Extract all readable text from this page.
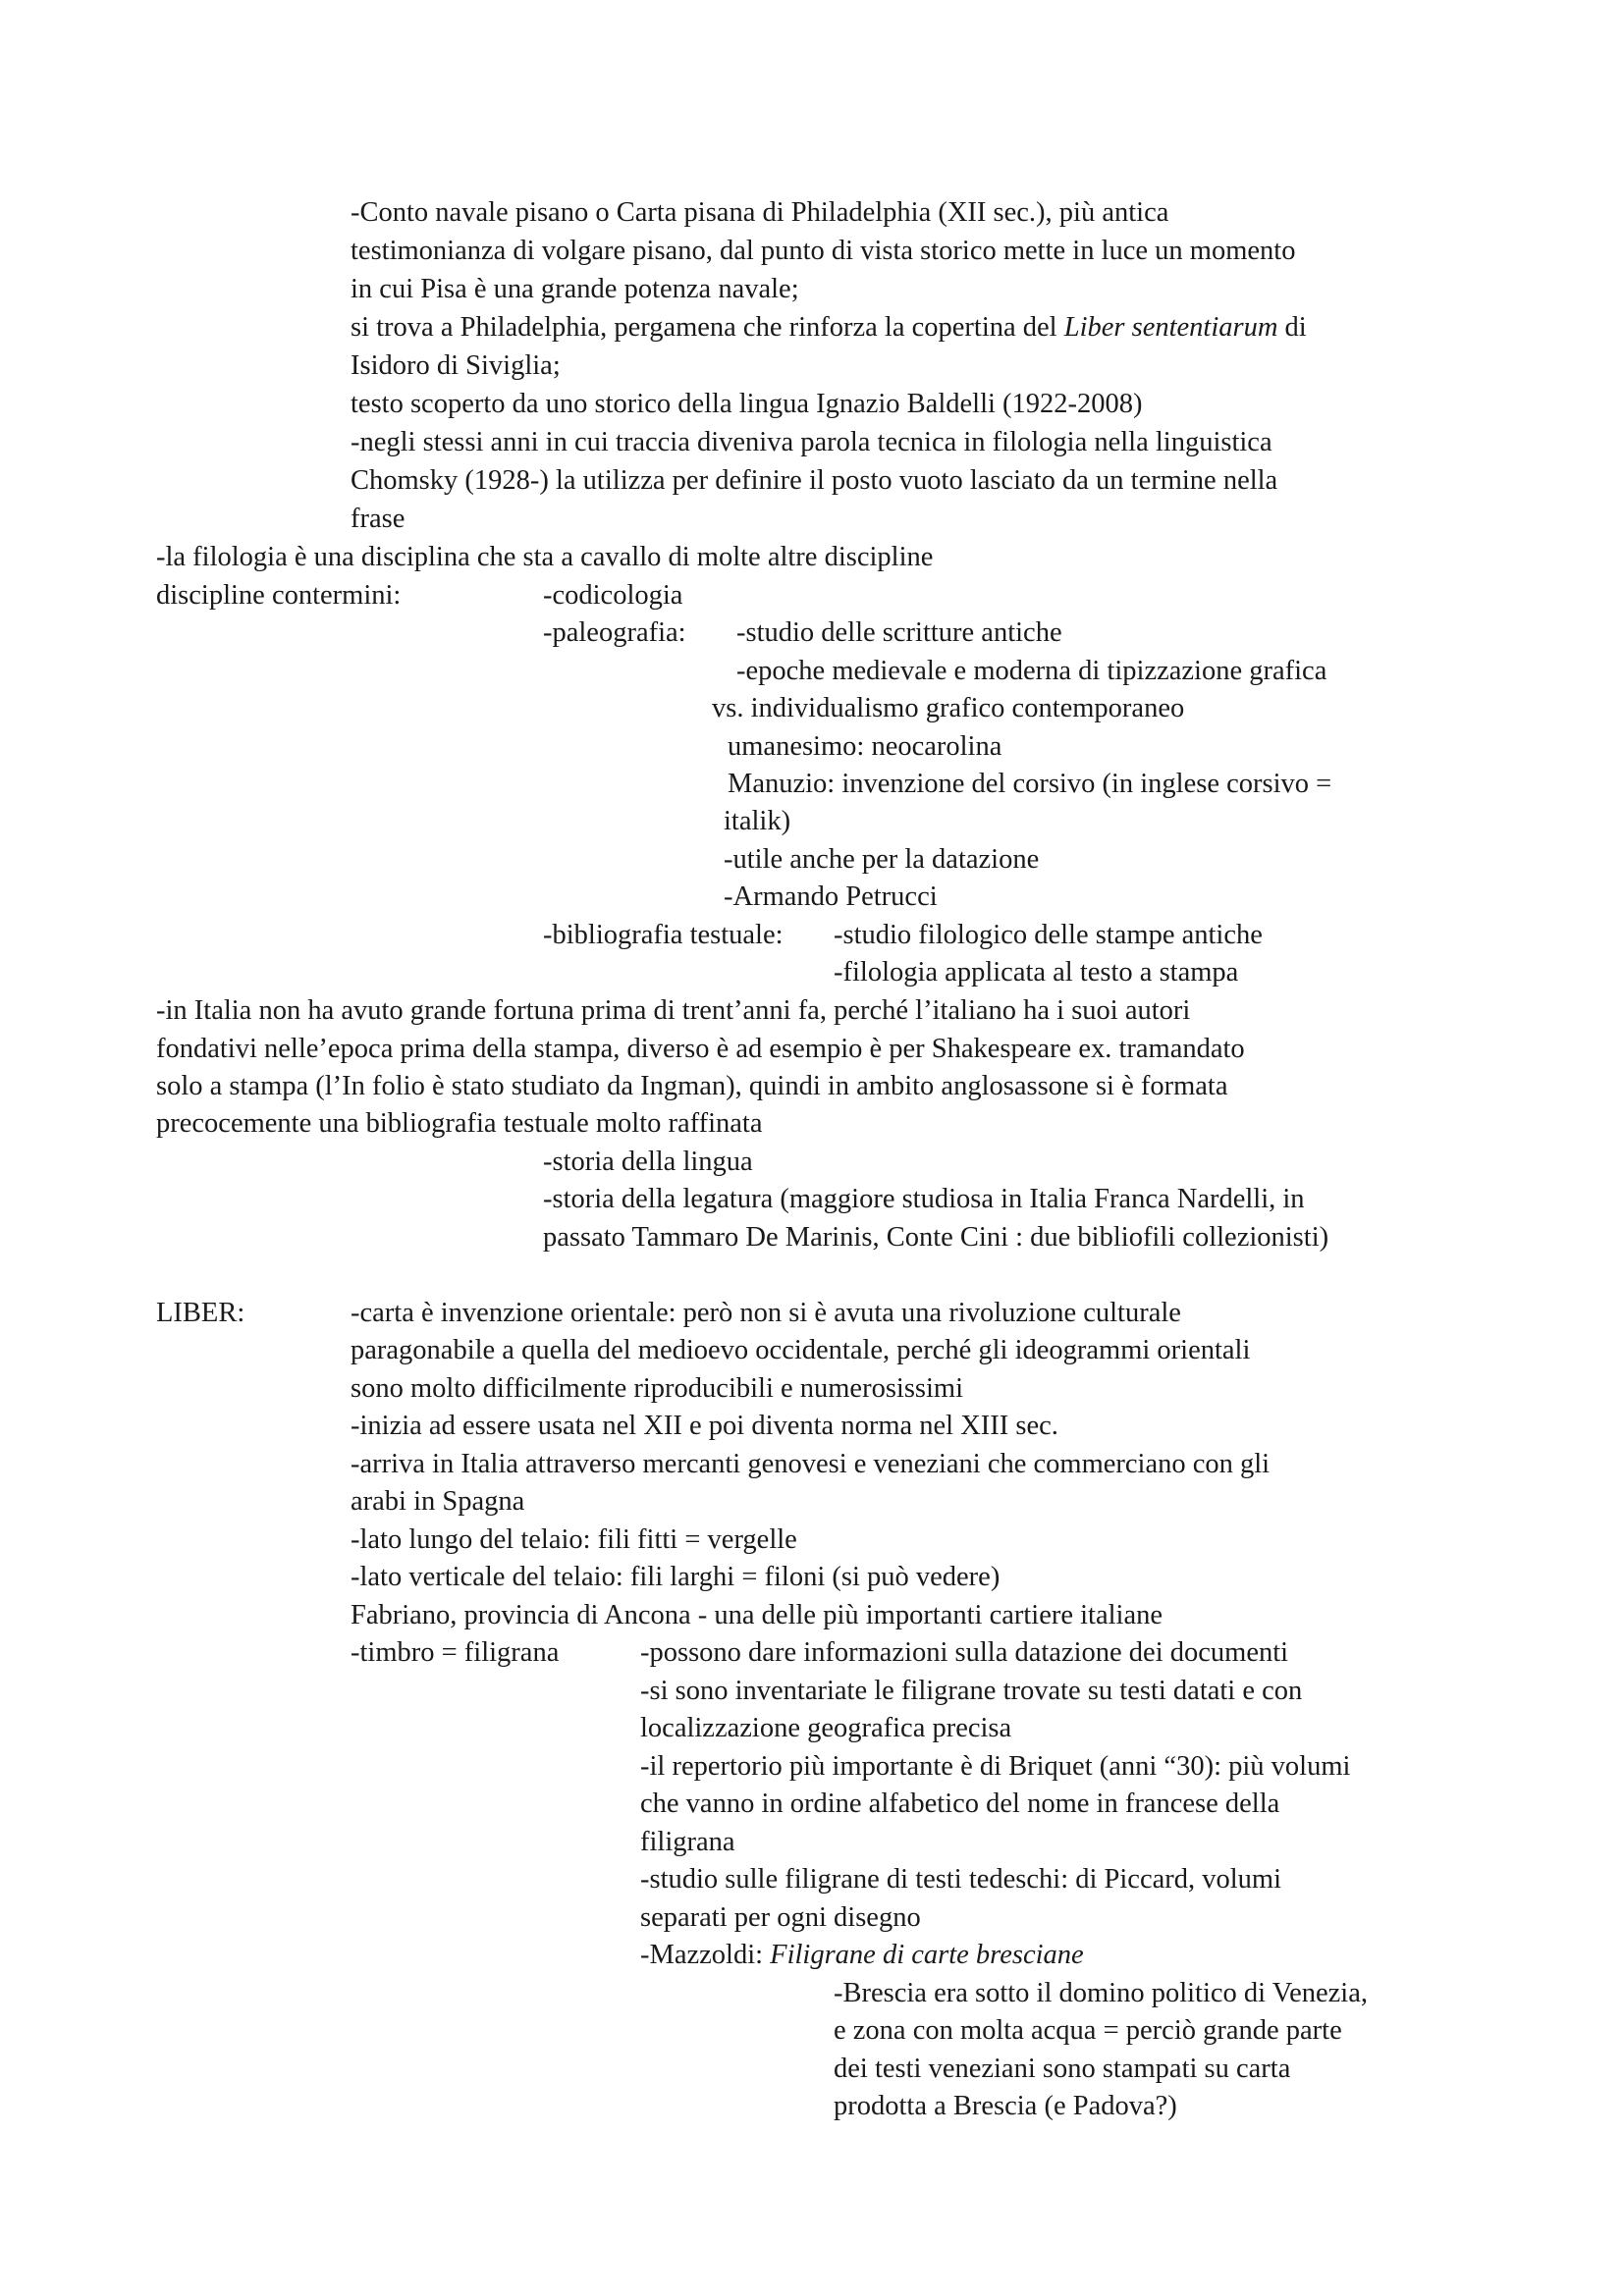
-Conto navale pisano o Carta pisana di Philadelphia (XII sec.), più antica
testimonianza di volgare pisano, dal punto di vista storico mette in luce un momento
in cui Pisa è una grande potenza navale;
si trova a Philadelphia, pergamena che rinforza la copertina del Liber sententiarum di
Isidoro di Siviglia;
testo scoperto da uno storico della lingua Ignazio Baldelli (1922-2008)
-negli stessi anni in cui traccia diveniva parola tecnica in filologia nella linguistica
Chomsky (1928-) la utilizza per definire il posto vuoto lasciato da un termine nella
frase
-la filologia è una disciplina che sta a cavallo di molte altre discipline
discipline contermini:	-codicologia
-paleografia: -studio delle scritture antiche
-epoche medievale e moderna di tipizzazione grafica
vs. individualismo grafico contemporaneo
umanesimo: neocarolina
Manuzio: invenzione del corsivo (in inglese corsivo =
italik)
-utile anche per la datazione
-Armando Petrucci
-bibliografia testuale: -studio filologico delle stampe antiche
-filologia applicata al testo a stampa
-in Italia non ha avuto grande fortuna prima di trent’anni fa, perché l’italiano ha i suoi autori
fondativi nelle’epoca prima della stampa, diverso è ad esempio è per Shakespeare ex. tramandato
solo a stampa (l’In folio è stato studiato da Ingman), quindi in ambito anglosassone si è formata
precocemente una bibliografia testuale molto raffinata
-storia della lingua
-storia della legatura (maggiore studiosa in Italia Franca Nardelli, in
passato Tammaro De Marinis, Conte Cini : due bibliofili collezionisti)
LIBER:	-carta è invenzione orientale: però non si è avuta una rivoluzione culturale
paragonabile a quella del medioevo occidentale, perché gli ideogrammi orientali
sono molto difficilmente riproducibili e numerosissimi
-inizia ad essere usata nel XII e poi diventa norma nel XIII sec.
-arriva in Italia attraverso mercanti genovesi e veneziani che commerciano con gli
arabi in Spagna
-lato lungo del telaio: fili fitti = vergelle
-lato verticale del telaio: fili larghi = filoni (si può vedere)
Fabriano, provincia di Ancona - una delle più importanti cartiere italiane
-timbro = filigrana	-possono dare informazioni sulla datazione dei documenti
-si sono inventariate le filigrane trovate su testi datati e con
localizzazione geografica precisa
-il repertorio più importante è di Briquet (anni “30): più volumi
che vanno in ordine alfabetico del nome in francese della
filigrana
-studio sulle filigrane di testi tedeschi: di Piccard, volumi
separati per ogni disegno
-Mazzoldi: Filigrane di carte bresciane
-Brescia era sotto il domino politico di Venezia,
e zona con molta acqua = perciò grande parte
dei testi veneziani sono stampati su carta
prodotta a Brescia (e Padova?)
